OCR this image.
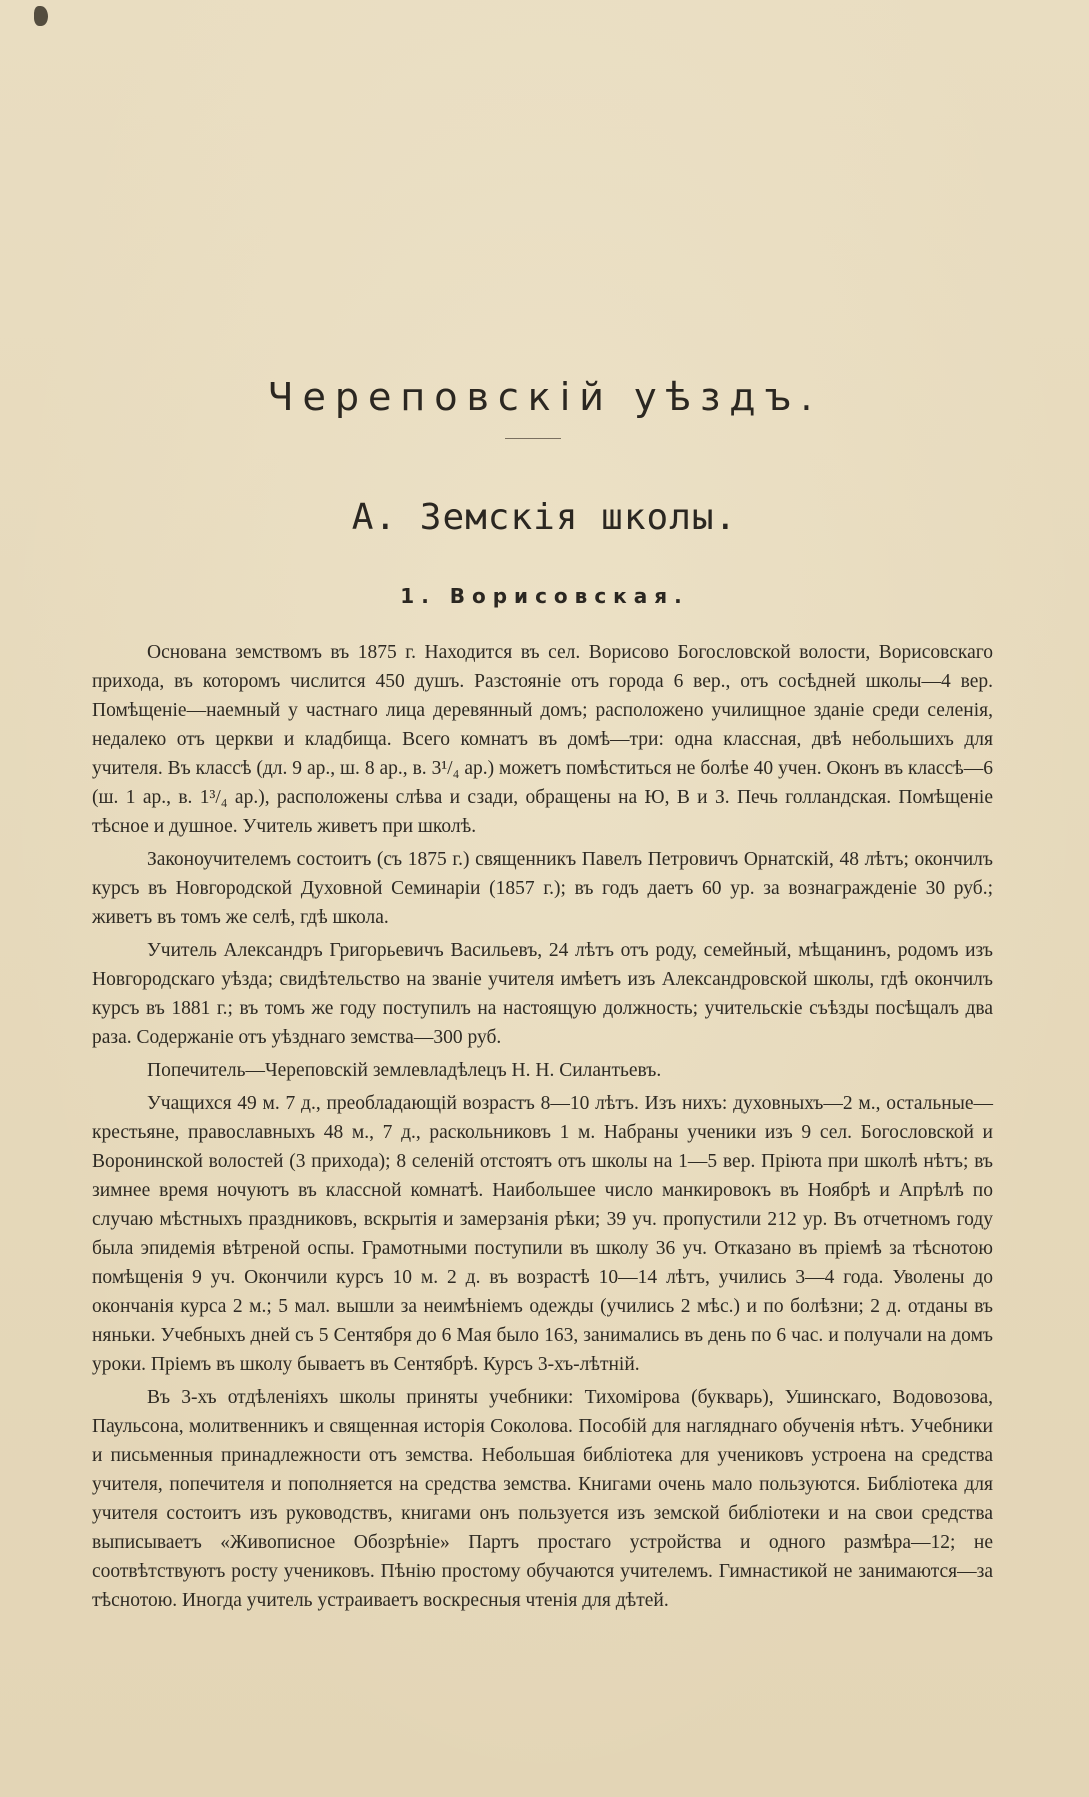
Череповскій уѣздъ.
А. Земскія школы.
1. Ворисовская.

Основана земствомъ въ 1875 г. Находится въ сел. Ворисово Богословской волости, Ворисовскаго прихода, въ которомъ числится 450 душъ. Разстояніе отъ города 6 вер., отъ сосѣдней школы—4 вер. Помѣщеніе—наемный у частнаго лица деревянный домъ; расположено училищное зданіе среди селенія, недалеко отъ церкви и кладбища. Всего комнатъ въ домѣ—три: одна классная, двѣ небольшихъ для учителя. Въ классѣ (дл. 9 ар., ш. 8 ар., в. 3¹/₄ ар.) можетъ помѣститься не болѣе 40 учен. Оконъ въ классѣ—6 (ш. 1 ар., в. 1³/₄ ар.), расположены слѣва и сзади, обращены на Ю, В и З. Печь голландская. Помѣщеніе тѣсное и душное. Учитель живетъ при школѣ.

Законоучителемъ состоитъ (съ 1875 г.) священникъ Павелъ Петровичъ Орнатскій, 48 лѣтъ; окончилъ курсъ въ Новгородской Духовной Семинаріи (1857 г.); въ годъ даетъ 60 ур. за вознагражденіе 30 руб.; живетъ въ томъ же селѣ, гдѣ школа.

Учитель Александръ Григорьевичъ Васильевъ, 24 лѣтъ отъ роду, семейный, мѣщанинъ, родомъ изъ Новгородскаго уѣзда; свидѣтельство на званіе учителя имѣетъ изъ Александровской школы, гдѣ окончилъ курсъ въ 1881 г.; въ томъ же году поступилъ на настоящую должность; учительскіе съѣзды посѣщалъ два раза. Содержаніе отъ уѣзднаго земства—300 руб.

Попечитель—Череповскій землевладѣлецъ Н. Н. Силантьевъ.

Учащихся 49 м. 7 д., преобладающій возрастъ 8—10 лѣтъ. Изъ нихъ: духовныхъ—2 м., остальные—крестьяне, православныхъ 48 м., 7 д., раскольниковъ 1 м. Набраны ученики изъ 9 сел. Богословской и Воронинской волостей (3 прихода); 8 селеній отстоятъ отъ школы на 1—5 вер. Пріюта при школѣ нѣтъ; въ зимнее время ночуютъ въ классной комнатѣ. Наибольшее число манкировокъ въ Ноябрѣ и Апрѣлѣ по случаю мѣстныхъ праздниковъ, вскрытія и замерзанія рѣки; 39 уч. пропустили 212 ур. Въ отчетномъ году была эпидемія вѣтреной оспы. Грамотными поступили въ школу 36 уч. Отказано въ пріемѣ за тѣснотою помѣщенія 9 уч. Окончили курсъ 10 м. 2 д. въ возрастѣ 10—14 лѣтъ, учились 3—4 года. Уволены до окончанія курса 2 м.; 5 мал. вышли за неимѣніемъ одежды (учились 2 мѣс.) и по болѣзни; 2 д. отданы въ няньки. Учебныхъ дней съ 5 Сентября до 6 Мая было 163, занимались въ день по 6 час. и получали на домъ уроки. Пріемъ въ школу бываетъ въ Сентябрѣ. Курсъ 3-хъ-лѣтній.

Въ 3-хъ отдѣленіяхъ школы приняты учебники: Тихоміровa (букварь), Ушинскаго, Водовозова, Паульсона, молитвенникъ и священная исторія Соколова. Пособій для нагляднаго обученія нѣтъ. Учебники и письменныя принадлежности отъ земства. Небольшая библіотека для учениковъ устроена на средства учителя, попечителя и пополняется на средства земства. Книгами очень мало пользуются. Библіотека для учителя состоитъ изъ руководствъ, книгами онъ пользуется изъ земской библіотеки и на свои средства выписываетъ «Живописное Обозрѣніе» Партъ простаго устройства и одного размѣра—12; не соотвѣтствуютъ росту учениковъ. Пѣнію простому обучаются учителемъ. Гимнастикой не занимаются—за тѣснотою. Иногда учитель устраиваетъ воскресныя чтенія для дѣтей.
